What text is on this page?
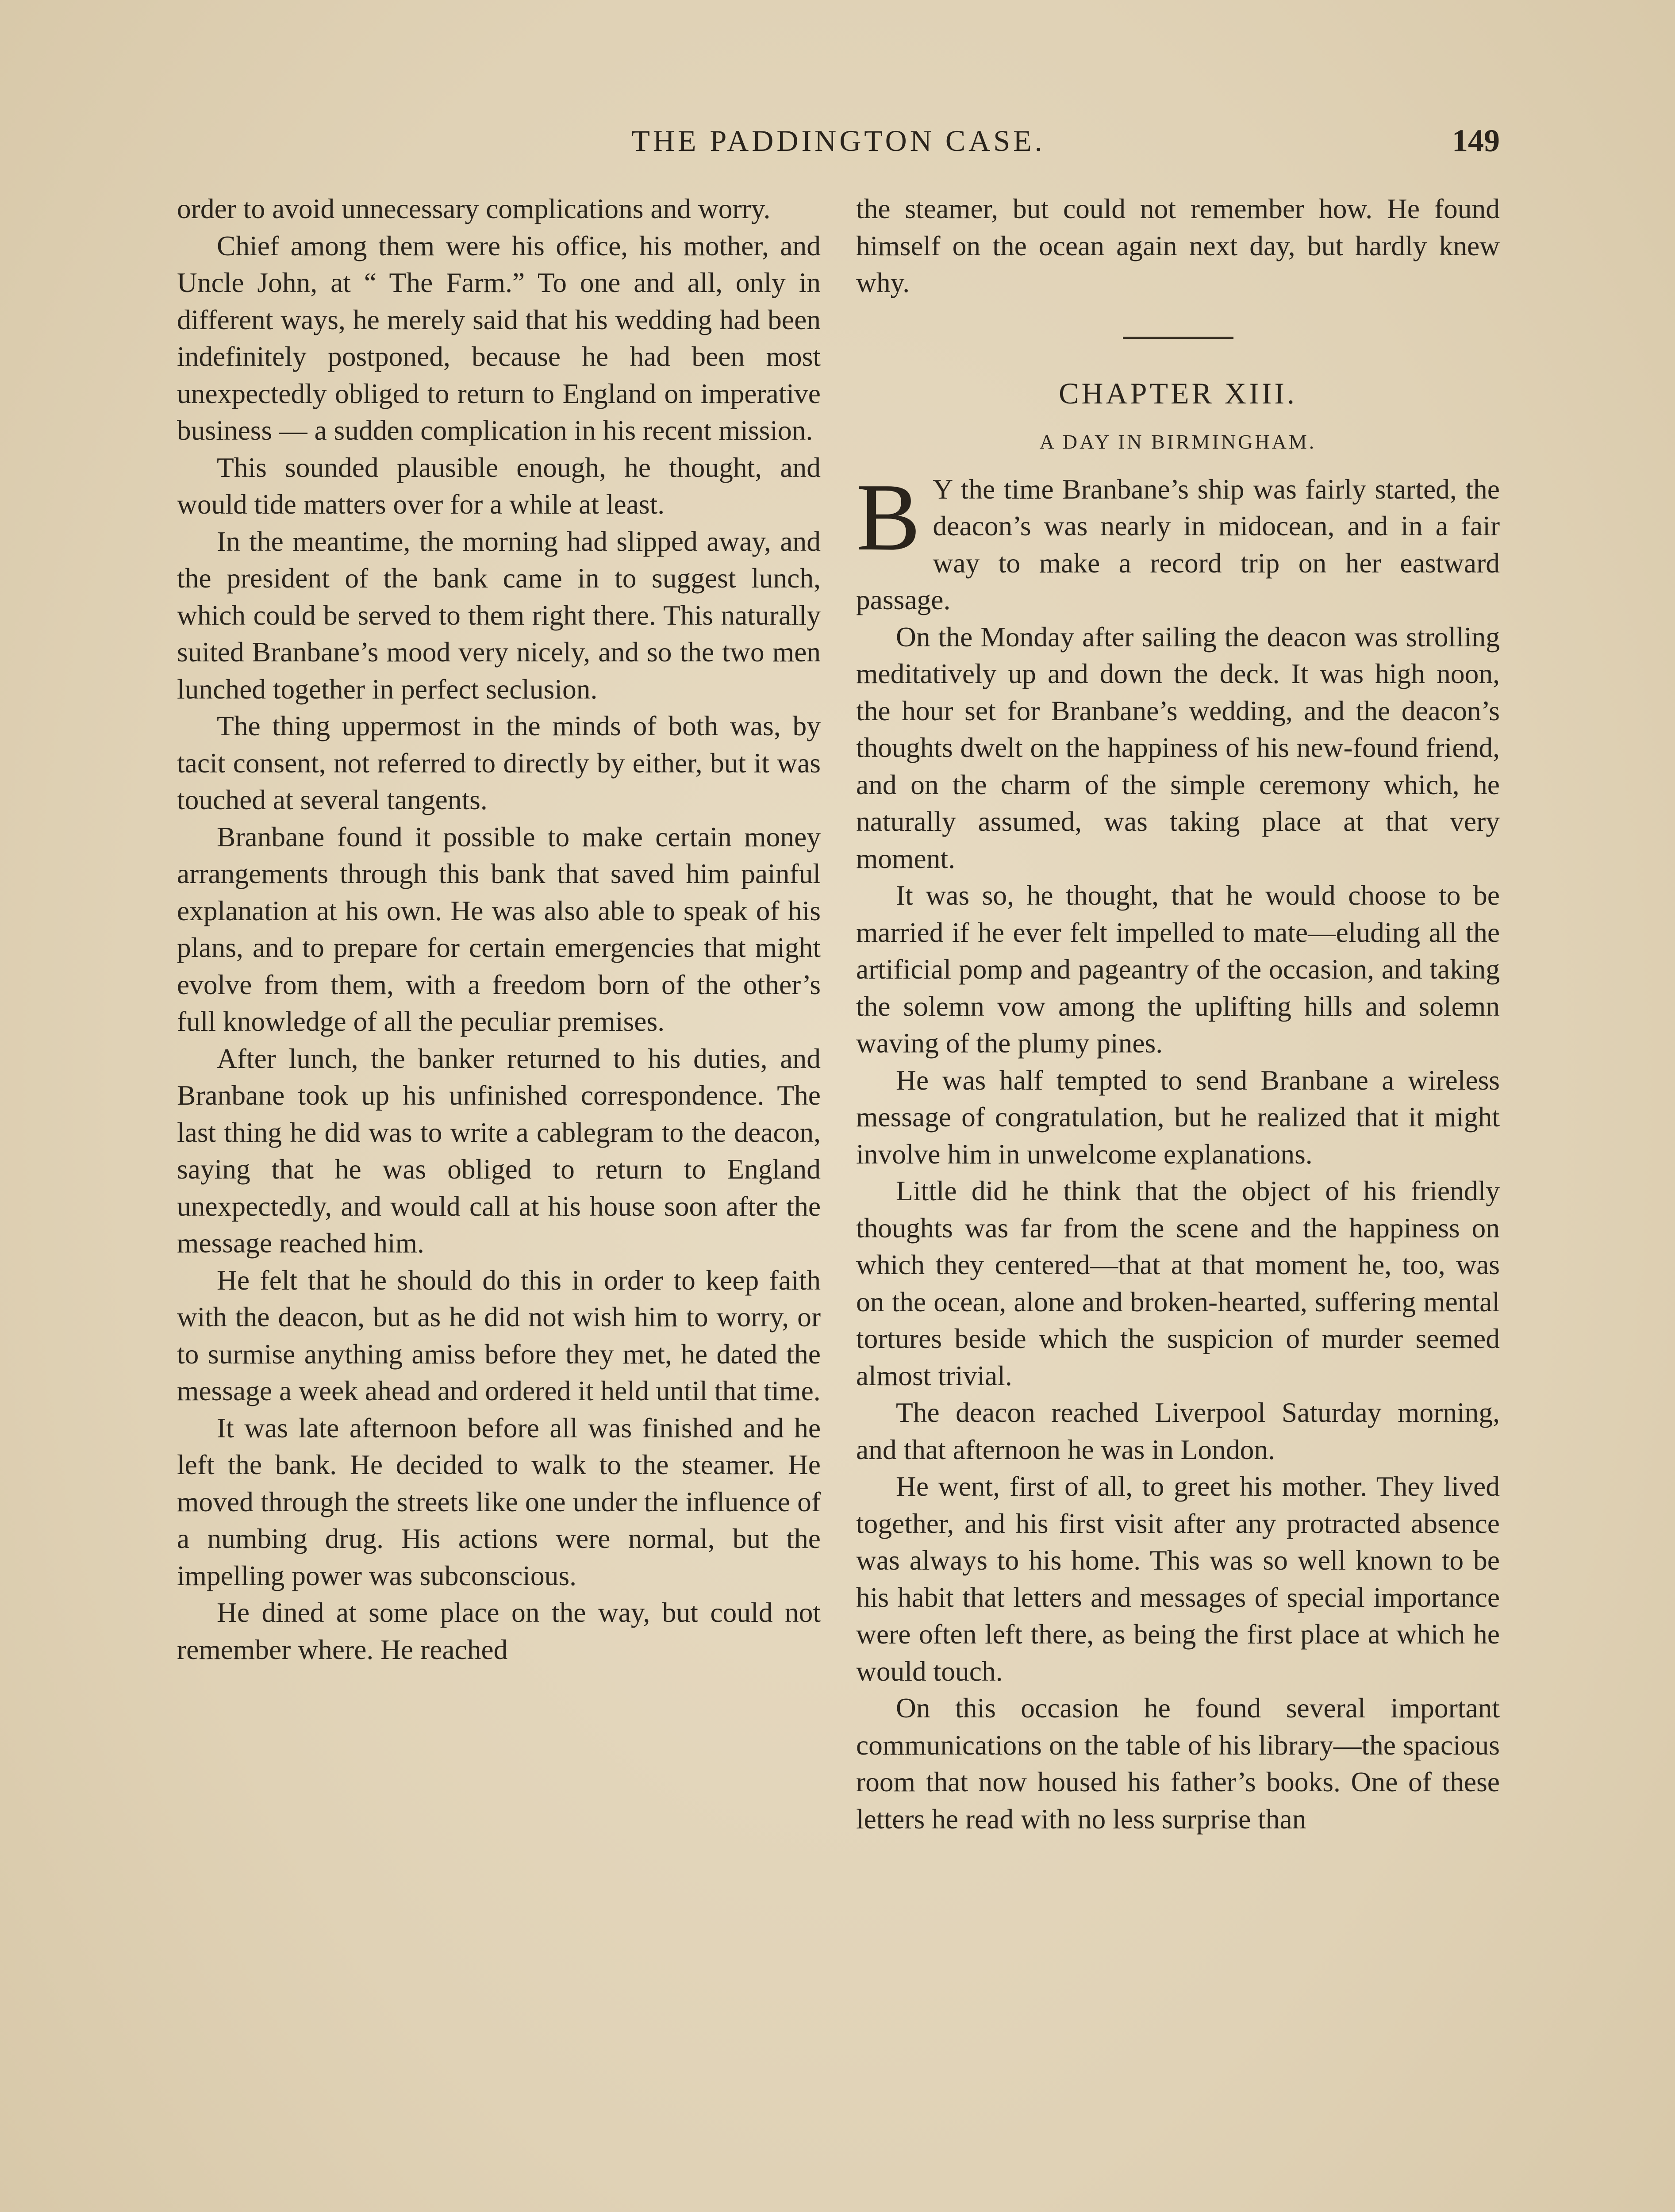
THE PADDINGTON CASE.	149

order to avoid unnecessary complications and worry.

Chief among them were his office, his mother, and Uncle John, at “ The Farm.” To one and all, only in different ways, he merely said that his wedding had been indefinitely postponed, because he had been most unexpectedly obliged to return to England on imperative business — a sudden complication in his recent mission.

This sounded plausible enough, he thought, and would tide matters over for a while at least.

In the meantime, the morning had slipped away, and the president of the bank came in to suggest lunch, which could be served to them right there. This naturally suited Branbane’s mood very nicely, and so the two men lunched together in perfect seclusion.

The thing uppermost in the minds of both was, by tacit consent, not referred to directly by either, but it was touched at several tangents.

Branbane found it possible to make certain money arrangements through this bank that saved him painful explanation at his own. He was also able to speak of his plans, and to prepare for certain emergencies that might evolve from them, with a freedom born of the other’s full knowledge of all the peculiar premises.

After lunch, the banker returned to his duties, and Branbane took up his unfinished correspondence. The last thing he did was to write a cablegram to the deacon, saying that he was obliged to return to England unexpectedly, and would call at his house soon after the message reached him.

He felt that he should do this in order to keep faith with the deacon, but as he did not wish him to worry, or to surmise anything amiss before they met, he dated the message a week ahead and ordered it held until that time.

It was late afternoon before all was finished and he left the bank. He decided to walk to the steamer. He moved through the streets like one under the influence of a numbing drug. His actions were normal, but the impelling power was subconscious.

He dined at some place on the way, but could not remember where. He reached

the steamer, but could not remember how. He found himself on the ocean again next day, but hardly knew why.

CHAPTER XIII.
A DAY IN BIRMINGHAM.

B Y the time Branbane’s ship was fairly started, the deacon’s was nearly in midocean, and in a fair way to make a record trip on her eastward passage.

On the Monday after sailing the deacon was strolling meditatively up and down the deck. It was high noon, the hour set for Branbane’s wedding, and the deacon’s thoughts dwelt on the happiness of his new-found friend, and on the charm of the simple ceremony which, he naturally assumed, was taking place at that very moment.

It was so, he thought, that he would choose to be married if he ever felt impelled to mate—eluding all the artificial pomp and pageantry of the occasion, and taking the solemn vow among the uplifting hills and solemn waving of the plumy pines.

He was half tempted to send Branbane a wireless message of congratulation, but he realized that it might involve him in unwelcome explanations.

Little did he think that the object of his friendly thoughts was far from the scene and the happiness on which they centered—that at that moment he, too, was on the ocean, alone and broken-hearted, suffering mental tortures beside which the suspicion of murder seemed almost trivial.

The deacon reached Liverpool Saturday morning, and that afternoon he was in London.

He went, first of all, to greet his mother. They lived together, and his first visit after any protracted absence was always to his home. This was so well known to be his habit that letters and messages of special importance were often left there, as being the first place at which he would touch.

On this occasion he found several important communications on the table of his library—the spacious room that now housed his father’s books. One of these letters he read with no less surprise than
